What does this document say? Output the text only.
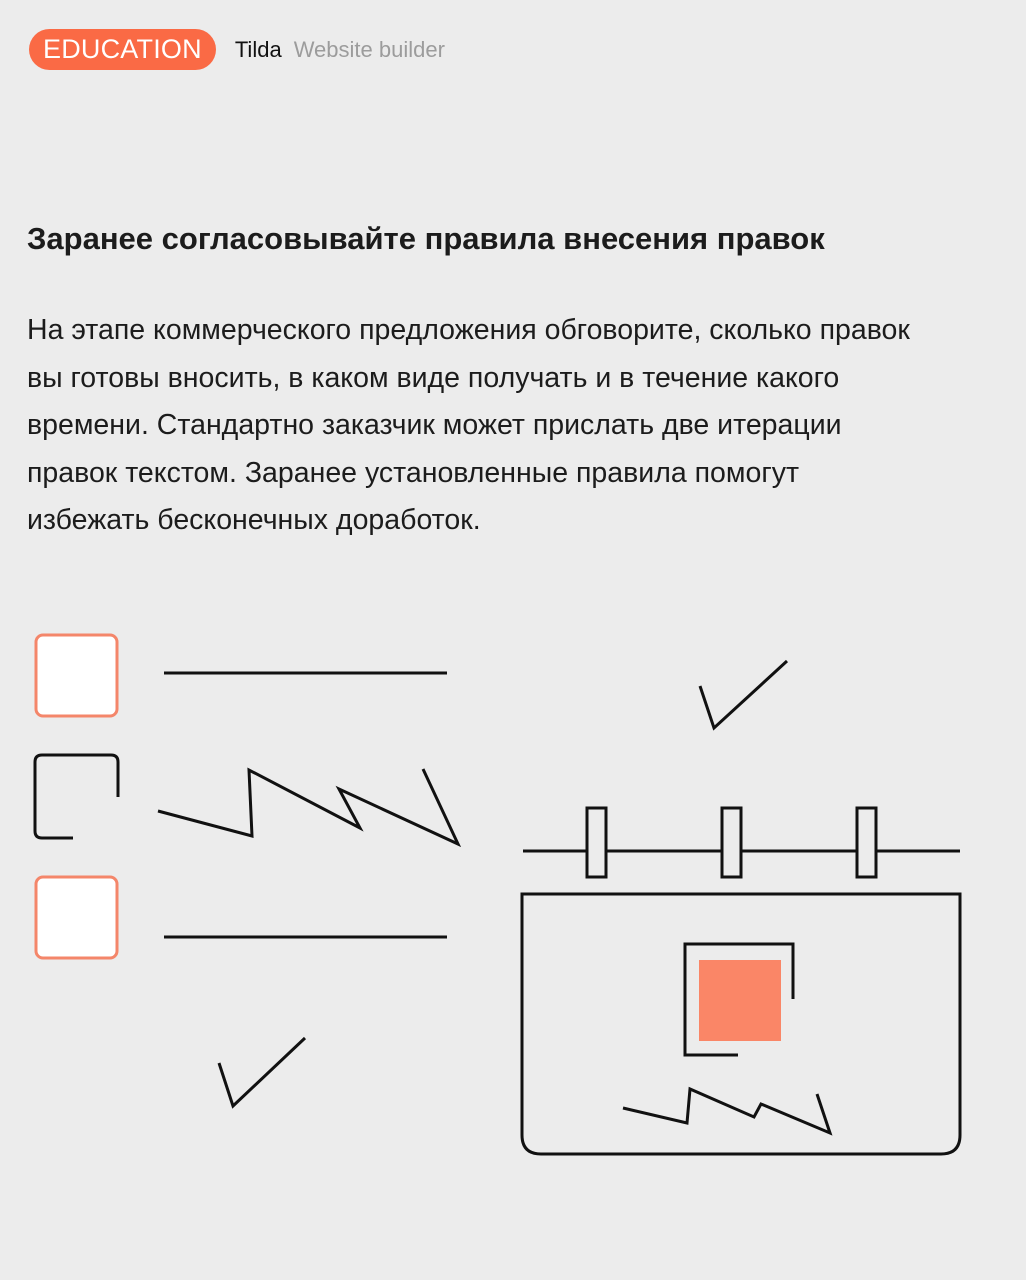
EDUCATION	Tilda Website builder
Заранее согласовывайте правила внесения правок

На этапе коммерческого предложения обговорите, сколько правок вы готовы вносить, в каком виде получать и в течение какого времени. Стандартно заказчик может прислать две итерации правок текстом. Заранее установленные правила помогут избежать бесконечных доработок.
